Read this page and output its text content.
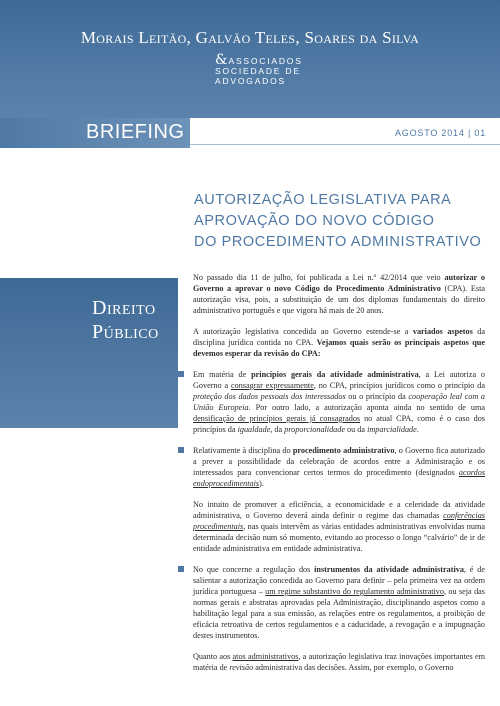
Morais Leitão, Galvão Teles, Soares da Silva
&ASSOCIADOS
SOCIEDADE DE
ADVOGADOS
BRIEFING	AGOSTO 2014 | 01
AUTORIZAÇÃO LEGISLATIVA PARA
APROVAÇÃO DO NOVO CÓDIGO
DO PROCEDIMENTO ADMINISTRATIVO
Direito
Público

No passado dia 11 de julho, foi publicada a Lei n.º 42/2014 que veio autorizar o Governo a aprovar o novo Código do Procedimento Administrativo (CPA). Esta autorização visa, pois, a substituição de um dos diplomas fundamentais do direito administrativo português e que vigora há mais de 20 anos.

A autorização legislativa concedida ao Governo estende-se a variados aspetos da disciplina jurídica contida no CPA. Vejamos quais serão os principais aspetos que devemos esperar da revisão do CPA:

Em matéria de princípios gerais da atividade administrativa, a Lei autoriza o Governo a consagrar expressamente, no CPA, princípios jurídicos como o princípio da proteção dos dados pessoais dos interessados ou o princípio da cooperação leal com a União Europeia. Por outro lado, a autorização aponta ainda no sentido de uma densificação de princípios gerais já consagrados no atual CPA, como é o caso dos princípios da igualdade, da proporcionalidade ou da imparcialidade.

Relativamente à disciplina do procedimento administrativo, o Governo fica autorizado a prever a possibilidade da celebração de acordos entre a Administração e os interessados para convencionar certos termos do procedimento (designados acordos endoprocedimentais).

No intuito de promover a eficiência, a economicidade e a celeridade da atividade administrativa, o Governo deverá ainda definir o regime das chamadas conferências procedimentais, nas quais intervêm as várias entidades administrativas envolvidas numa determinada decisão num só momento, evitando ao processo o longo “calvário” de ir de entidade administrativa em entidade administrativa.

No que concerne a regulação dos instrumentos da atividade administrativa, é de salientar a autorização concedida ao Governo para definir – pela primeira vez na ordem jurídica portuguesa – um regime substantivo do regulamento administrativo, ou seja das normas gerais e abstratas aprovadas pela Administração, disciplinando aspetos como a habilitação legal para a sua emissão, as relações entre os regulamentos, a proibição de eficácia retroativa de certos regulamentos e a caducidade, a revogação e a impugnação destes instrumentos.

Quanto aos atos administrativos, a autorização legislativa traz inovações importantes em matéria de revisão administrativa das decisões. Assim, por exemplo, o Governo
